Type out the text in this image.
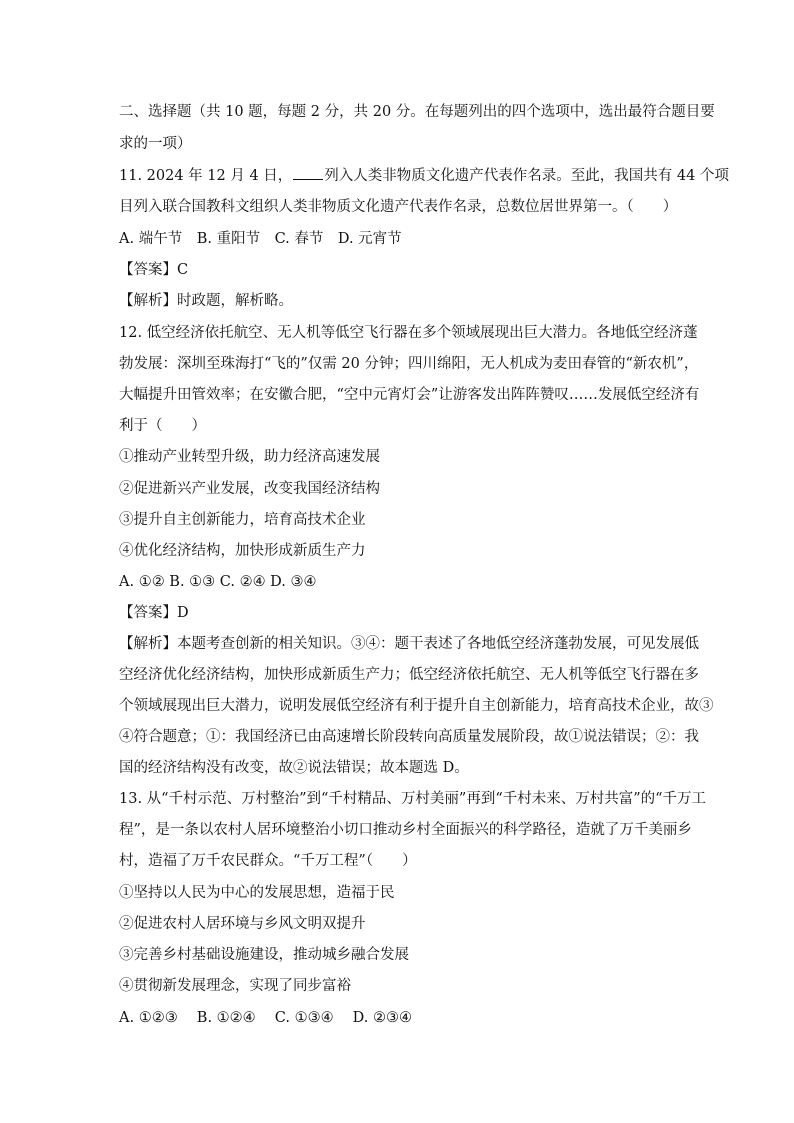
二、选择题（共 10 题，每题 2 分，共 20 分。在每题列出的四个选项中，选出最符合题目要
求的一项）
11. 2024 年 12 月 4 日， 列入人类非物质文化遗产代表作名录。至此，我国共有 44 个项
目列入联合国教科文组织人类非物质文化遗产代表作名录，总数位居世界第一。（　　）
A. 端午节　B. 重阳节　C. 春节　D. 元宵节
【答案】C
【解析】时政题，解析略。
12. 低空经济依托航空、无人机等低空飞行器在多个领域展现出巨大潜力。各地低空经济蓬
勃发展：深圳至珠海打“飞的”仅需 20 分钟；四川绵阳，无人机成为麦田春管的“新农机”，
大幅提升田管效率；在安徽合肥，“空中元宵灯会”让游客发出阵阵赞叹……发展低空经济有
利于（　　）
①推动产业转型升级，助力经济高速发展
②促进新兴产业发展，改变我国经济结构
③提升自主创新能力，培育高技术企业
④优化经济结构，加快形成新质生产力
A. ①② B. ①③ C. ②④ D. ③④
【答案】D
【解析】本题考查创新的相关知识。③④：题干表述了各地低空经济蓬勃发展，可见发展低
空经济优化经济结构，加快形成新质生产力；低空经济依托航空、无人机等低空飞行器在多
个领域展现出巨大潜力，说明发展低空经济有利于提升自主创新能力，培育高技术企业，故③
④符合题意；①：我国经济已由高速增长阶段转向高质量发展阶段，故①说法错误；②：我
国的经济结构没有改变，故②说法错误；故本题选 D。
13. 从“千村示范、万村整治”到“千村精品、万村美丽”再到“千村未来、万村共富”的“千万工
程”，是一条以农村人居环境整治小切口推动乡村全面振兴的科学路径，造就了万千美丽乡
村，造福了万千农民群众。“千万工程”（　　）
①坚持以人民为中心的发展思想，造福于民
②促进农村人居环境与乡风文明双提升
③完善乡村基础设施建设，推动城乡融合发展
④贯彻新发展理念，实现了同步富裕
A. ①②③　 B. ①②④　 C. ①③④　 D. ②③④
